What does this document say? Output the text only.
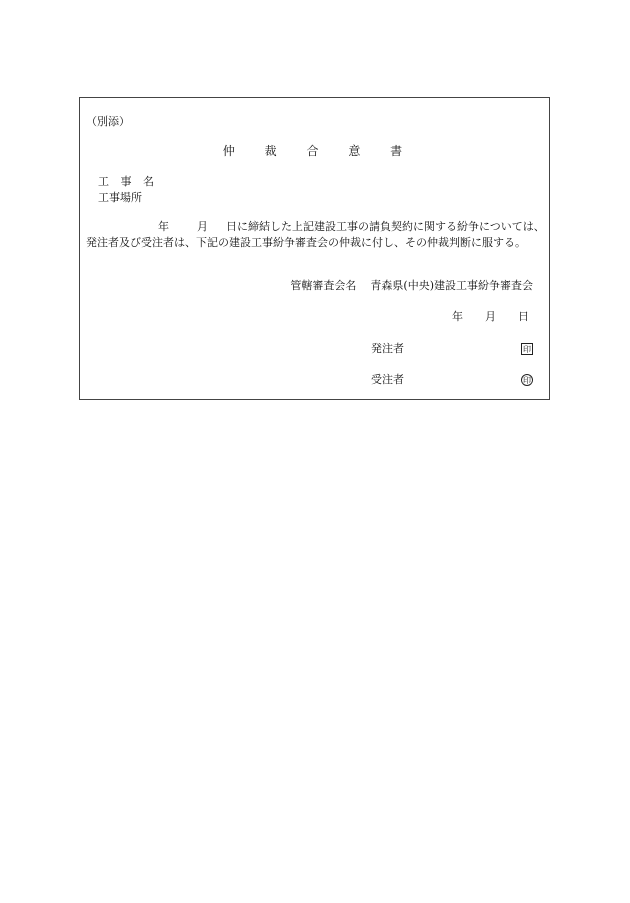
（別添）
仲 裁 合 意 書
工 事 名
工事場所
年	月 日に締結した上記建設工事の請負契約に関する紛争については、発注者及び受注者は、下記の建設工事紛争審査会の仲裁に付し、その仲裁判断に服する。
管轄審査会名 青森県(中央)建設工事紛争審査会
年 月 日
発注者	印
受注者	印
